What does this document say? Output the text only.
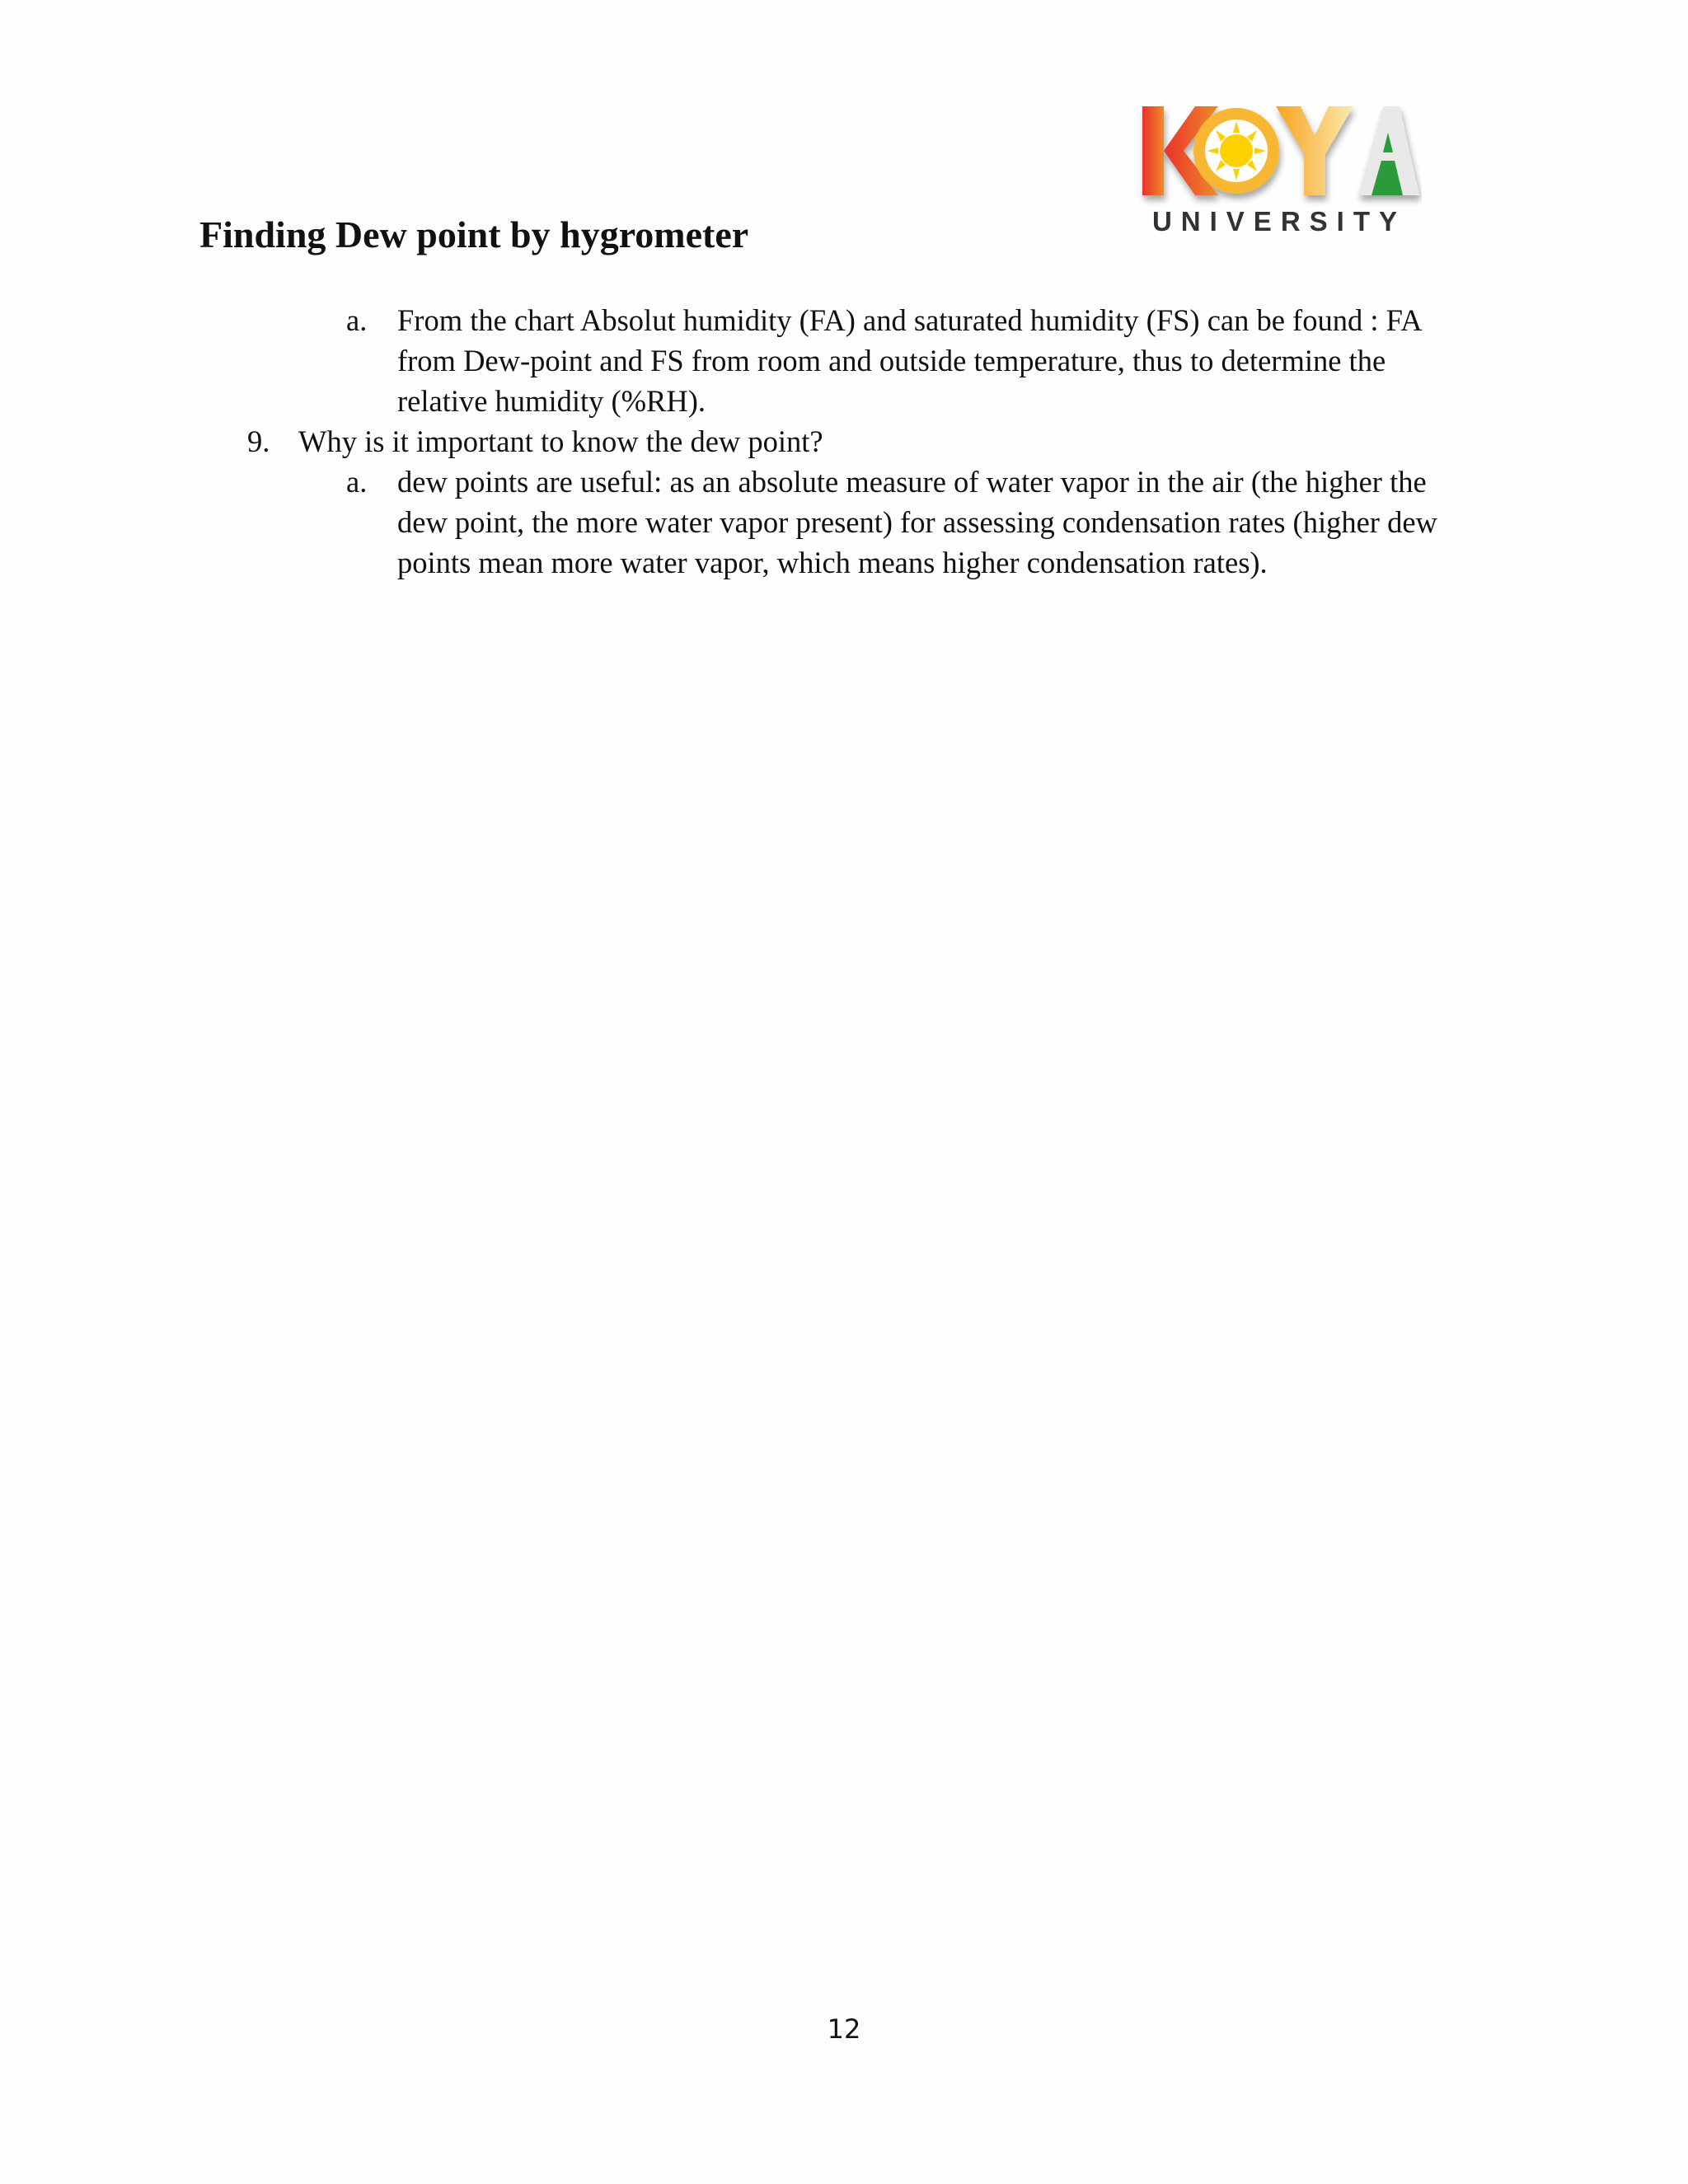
UNIVERSITY
Finding Dew point by hygrometer
a. From the chart Absolut humidity (FA) and saturated humidity (FS) can be found : FA
from Dew-point and FS from room and outside temperature, thus to determine the
relative humidity (%RH).
9. Why is it important to know the dew point?
a. dew points are useful: as an absolute measure of water vapor in the air (the higher the
dew point, the more water vapor present) for assessing condensation rates (higher dew
points mean more water vapor, which means higher condensation rates).
12
